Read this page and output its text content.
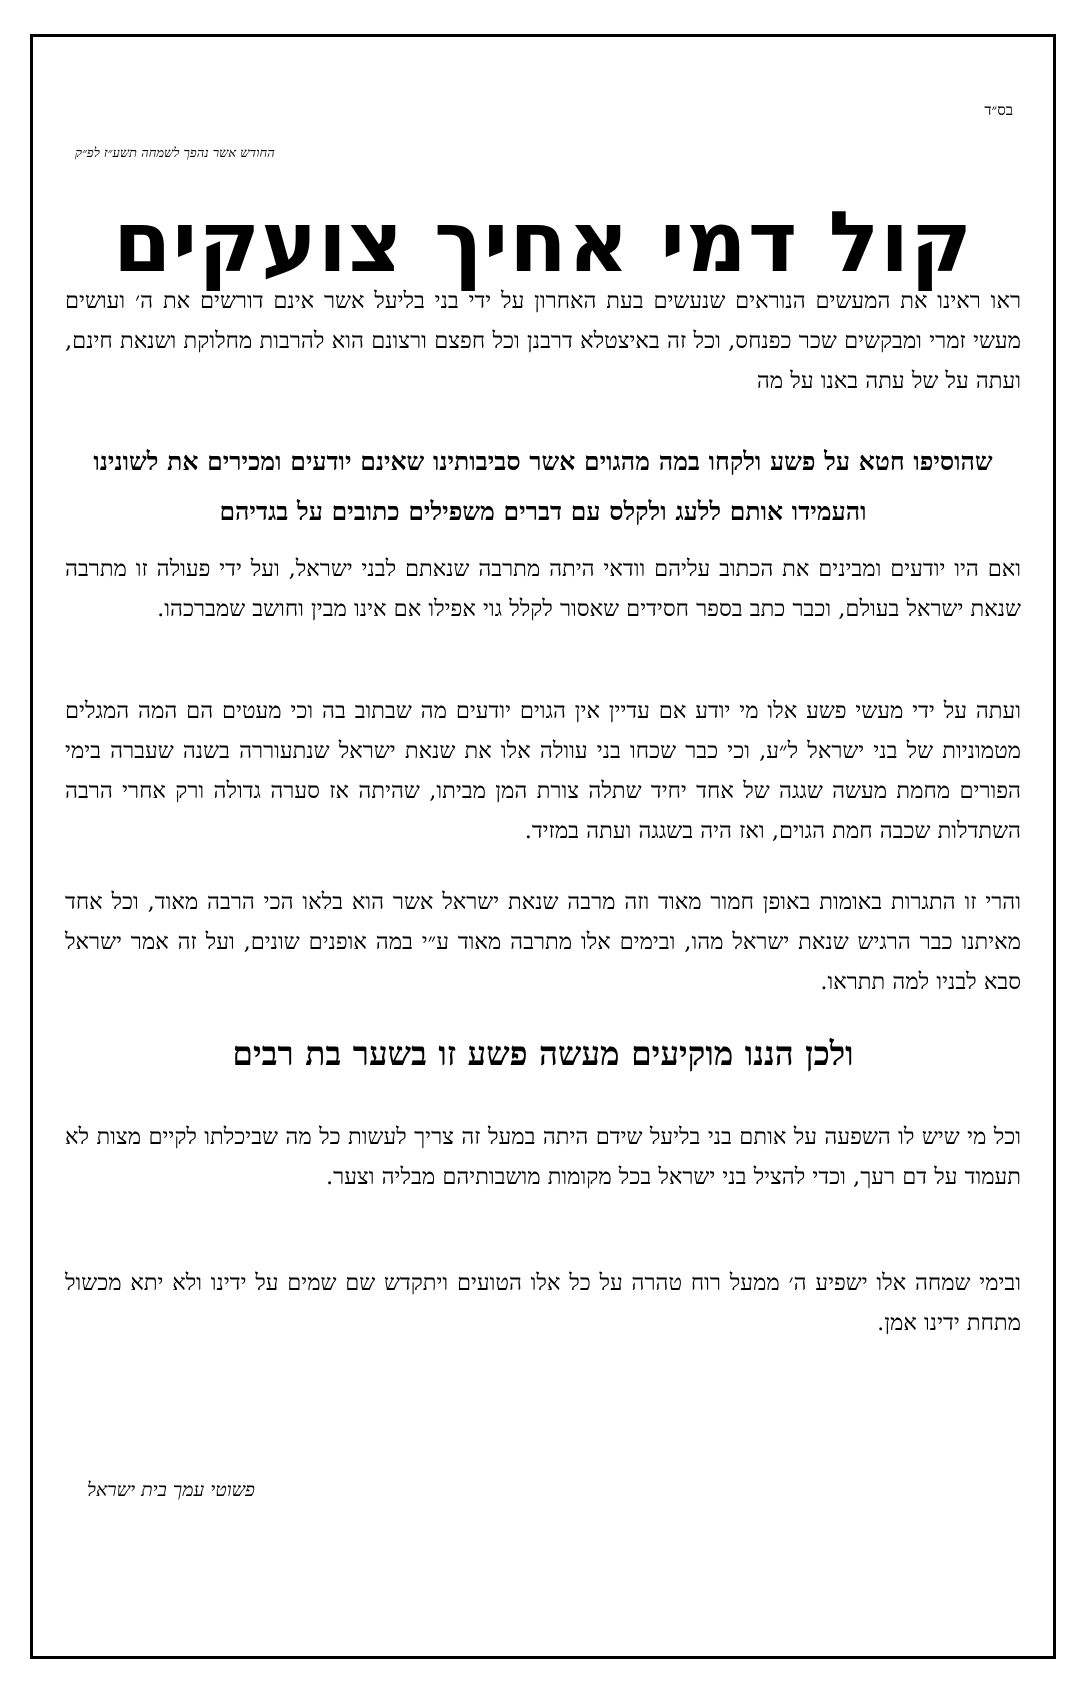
בס״ד
החודש אשר נהפך לשמחה תשע״ז לפ״ק
קול דמי אחיך צועקים

ראו ראינו את המעשים הנוראים שנעשים בעת האחרון על ידי בני בליעל אשר אינם דורשים את ה׳ ועושים מעשי זמרי ומבקשים שכר כפנחס, וכל זה באיצטלא דרבנן וכל חפצם ורצונם הוא להרבות מחלוקת ושנאת חינם, ועתה על של עתה באנו על מה

שהוסיפו חטא על פשע ולקחו במה מהגוים אשר סביבותינו שאינם יודעים ומכירים את לשונינו והעמידו אותם ללעג ולקלס עם דברים משפילים כתובים על בגדיהם

ואם היו יודעים ומבינים את הכתוב עליהם וודאי היתה מתרבה שנאתם לבני ישראל, ועל ידי פעולה זו מתרבה שנאת ישראל בעולם, וכבר כתב בספר חסידים שאסור לקלל גוי אפילו אם אינו מבין וחושב שמברכהו.

ועתה על ידי מעשי פשע אלו מי יודע אם עדיין אין הגוים יודעים מה שבתוב בה וכי מעטים הם המה המגלים מטמוניות של בני ישראל ל״ע, וכי כבר שכחו בני עוולה אלו את שנאת ישראל שנתעוררה בשנה שעברה בימי הפורים מחמת מעשה שגגה של אחד יחיד שתלה צורת המן מביתו, שהיתה אז סערה גדולה ורק אחרי הרבה השתדלות שכבה חמת הגוים, ואז היה בשגגה ועתה במזיד.

והרי זו התגרות באומות באופן חמור מאוד וזה מרבה שנאת ישראל אשר הוא בלאו הכי הרבה מאוד, וכל אחד מאיתנו כבר הרגיש שנאת ישראל מהו, ובימים אלו מתרבה מאוד ע״י במה אופנים שונים, ועל זה אמר ישראל סבא לבניו למה תתראו.

ולכן הננו מוקיעים מעשה פשע זו בשער בת רבים

וכל מי שיש לו השפעה על אותם בני בליעל שידם היתה במעל זה צריך לעשות כל מה שביכלתו לקיים מצות לא תעמוד על דם רעך, וכדי להציל בני ישראל בכל מקומות מושבותיהם מבליה וצער.

ובימי שמחה אלו ישפיע ה׳ ממעל רוח טהרה על כל אלו הטועים ויתקדש שם שמים על ידינו ולא יתא מכשול מתחת ידינו אמן.

פשוטי עמך בית ישראל
